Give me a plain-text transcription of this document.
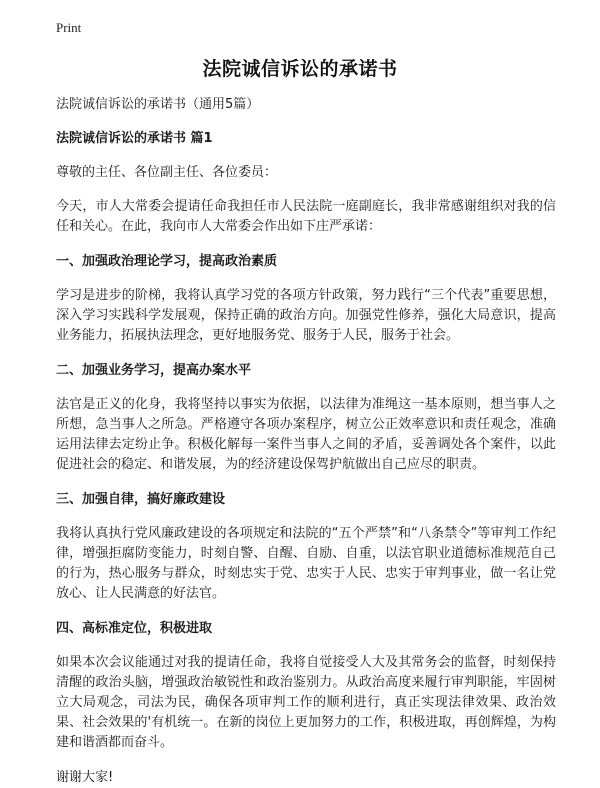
Print
法院诚信诉讼的承诺书

法院诚信诉讼的承诺书（通用5篇）

法院诚信诉讼的承诺书 篇1

尊敬的主任、各位副主任、各位委员：

今天，市人大常委会提请任命我担任市人民法院一庭副庭长，我非常感谢组织对我的信任和关心。在此，我向市人大常委会作出如下庄严承诺：

一、加强政治理论学习，提高政治素质

学习是进步的阶梯，我将认真学习党的各项方针政策，努力践行“三个代表”重要思想，深入学习实践科学发展观，保持正确的政治方向。加强党性修养，强化大局意识，提高业务能力，拓展执法理念，更好地服务党、服务于人民，服务于社会。

二、加强业务学习，提高办案水平

法官是正义的化身，我将坚持以事实为依据，以法律为准绳这一基本原则，想当事人之所想，急当事人之所急。严格遵守各项办案程序，树立公正效率意识和责任观念，准确运用法律去定纷止争。积极化解每一案件当事人之间的矛盾，妥善调处各个案件，以此促进社会的稳定、和谐发展，为的经济建设保驾护航做出自己应尽的职责。

三、加强自律，搞好廉政建设

我将认真执行党风廉政建设的各项规定和法院的“五个严禁”和“八条禁令”等审判工作纪律，增强拒腐防变能力，时刻自警、自醒、自励、自重，以法官职业道德标准规范自己的行为，热心服务与群众，时刻忠实于党、忠实于人民、忠实于审判事业，做一名让党放心、让人民满意的好法官。

四、高标准定位，积极进取

如果本次会议能通过对我的提请任命，我将自觉接受人大及其常务会的监督，时刻保持清醒的政治头脑，增强政治敏锐性和政治鉴别力。从政治高度来履行审判职能，牢固树立大局观念，司法为民，确保各项审判工作的顺利进行，真正实现法律效果、政治效果、社会效果的'有机统一。在新的岗位上更加努力的工作，积极进取，再创辉煌，为构建和谐酒都而奋斗。

谢谢大家!
